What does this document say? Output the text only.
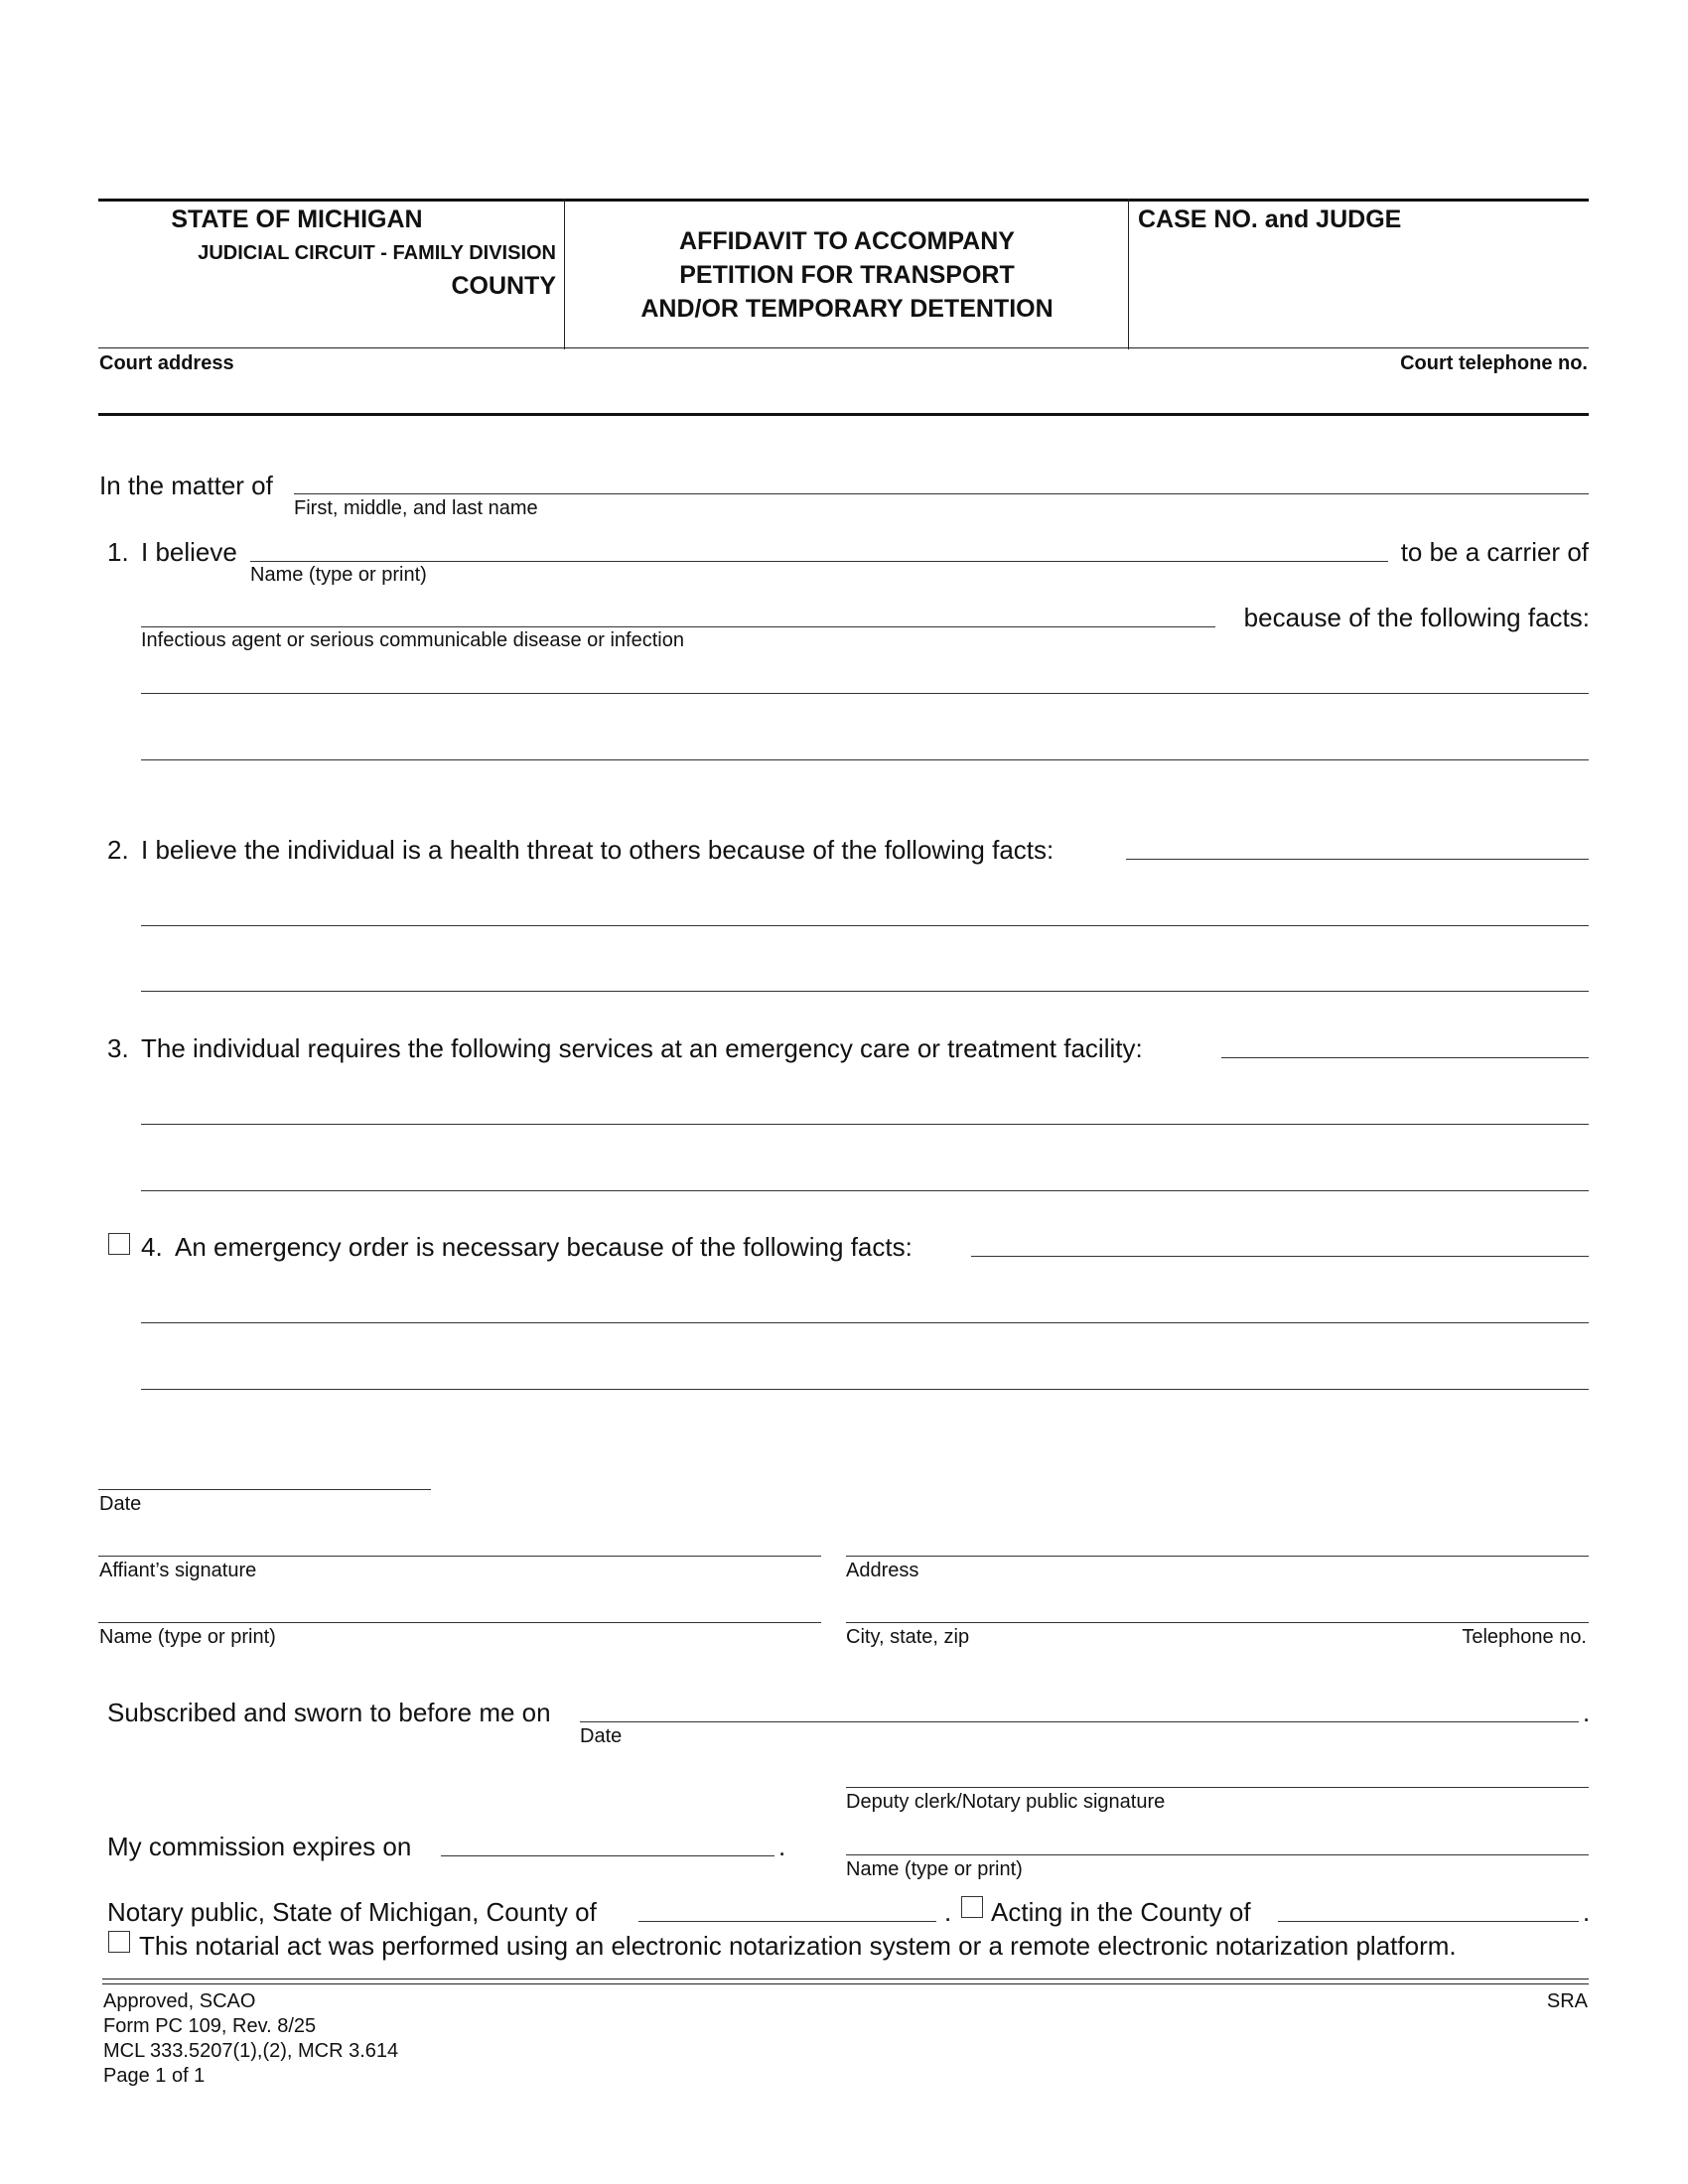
STATE OF MICHIGAN
JUDICIAL CIRCUIT - FAMILY DIVISION
COUNTY
AFFIDAVIT TO ACCOMPANY
PETITION FOR TRANSPORT
AND/OR TEMPORARY DETENTION
CASE NO. and JUDGE
Court address	Court telephone no.
In the matter of
First, middle, and last name
1. I believe
Name (type or print)
to be a carrier of
Infectious agent or serious communicable disease or infection
because of the following facts:
2. I believe the individual is a health threat to others because of the following facts:
3. The individual requires the following services at an emergency care or treatment facility:
4. An emergency order is necessary because of the following facts:
Date
Affiant’s signature	Address
Name (type or print)	City, state, zip	Telephone no.
Subscribed and sworn to before me on
Date
.
Deputy clerk/Notary public signature
My commission expires on	.
Name (type or print)
Notary public, State of Michigan, County of	. Acting in the County of	.
This notarial act was performed using an electronic notarization system or a remote electronic notarization platform.
Approved, SCAO
Form PC 109, Rev. 8/25
MCL 333.5207(1),(2), MCR 3.614
Page 1 of 1
SRA
